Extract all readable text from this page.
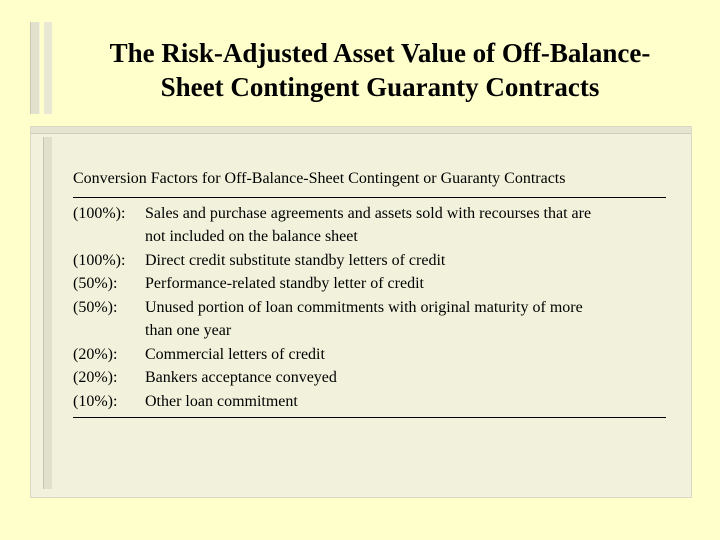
The Risk-Adjusted Asset Value of Off-Balance-
Sheet Contingent Guaranty Contracts

Conversion Factors for Off-Balance-Sheet Contingent or Guaranty Contracts

(100%):	Sales and purchase agreements and assets sold with recourses that are
not included on the balance sheet
(100%):	Direct credit substitute standby letters of credit
(50%):	Performance-related standby letter of credit
(50%):	Unused portion of loan commitments with original maturity of more
than one year
(20%):	Commercial letters of credit
(20%):	Bankers acceptance conveyed
(10%):	Other loan commitment
